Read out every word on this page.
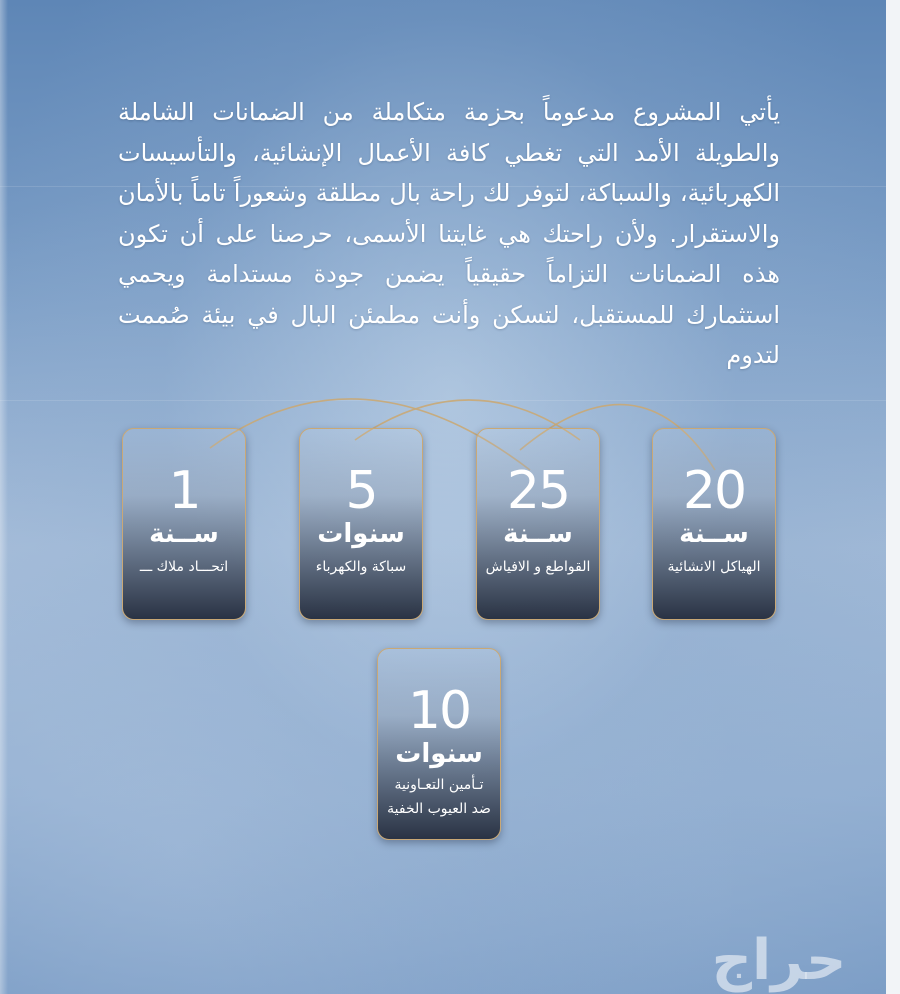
يأتي المشروع مدعوماً بحزمة متكاملة من الضمانات الشاملة والطويلة الأمد التي تغطي كافة الأعمال الإنشائية، والتأسيسات الكهربائية، والسباكة، لتوفر لك راحة بال مطلقة وشعوراً تاماً بالأمان والاستقرار. ولأن راحتك هي غايتنا الأسمى، حرصنا على أن تكون هذه الضمانات التزاماً حقيقياً يضمن جودة مستدامة ويحمي استثمارك للمستقبل، لتسكن وأنت مطمئن البال في بيئة صُممت لتدوم

20
ســنة
الهياكل الانشائية
25
ســنة
القواطع و الافياش
5
سنوات
سباكة والكهرباء
1
ســنة
اتحـــاد ملاك ـــ
10
سنوات
تـأمين التعـاونية
ضد العيوب الخفية
حراج
